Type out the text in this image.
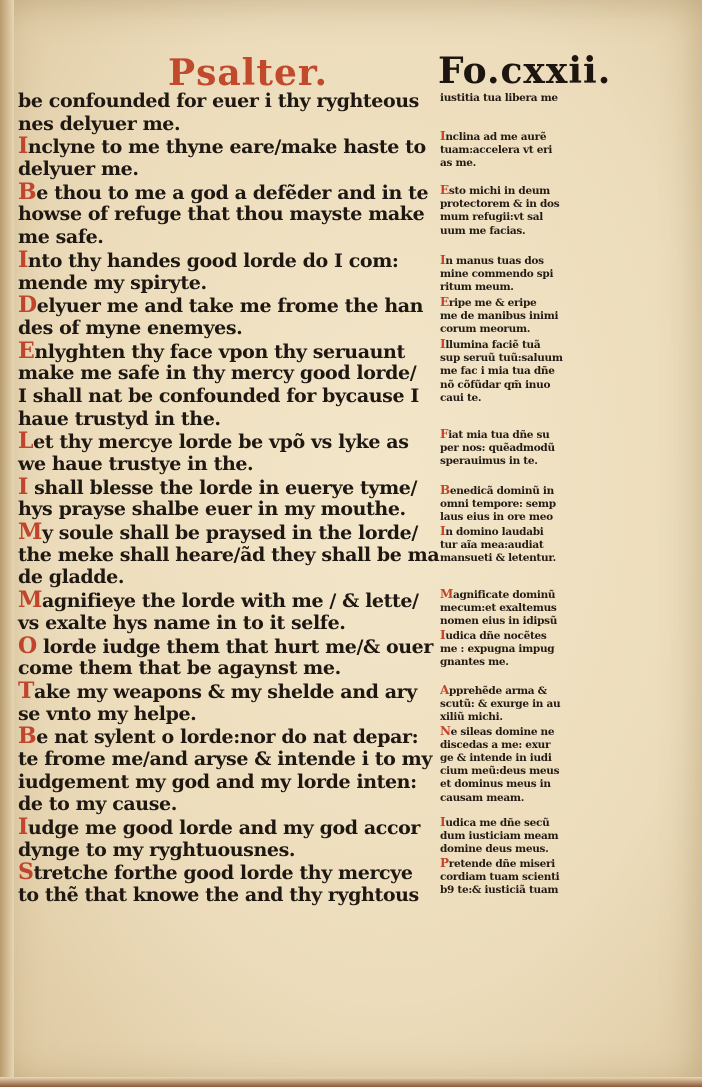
Psalter.	Fo.cxxii.
be confounded for euer i thy ryghteous
nes delyuer me.
Inclyne to me thyne eare/make haste to
delyuer me.
Be thou to me a god a defẽder and in te
howse of refuge that thou mayste make
me safe.
Into thy handes good lorde do I com:
mende my spiryte.
Delyuer me and take me frome the han
des of myne enemyes.
Enlyghten thy face vpon thy seruaunt
make me safe in thy mercy good lorde/
I shall nat be confounded for bycause I
haue trustyd in the.
Let thy mercye lorde be vpõ vs lyke as
we haue trustye in the.
I shall blesse the lorde in euerye tyme/
hys prayse shalbe euer in my mouthe.
My soule shall be praysed in the lorde/
the meke shall heare/ãd they shall be ma
de gladde.
Magnifieye the lorde with me / & lette/
vs exalte hys name in to it selfe.
O lorde iudge them that hurt me/& ouer
come them that be agaynst me.
Take my weapons & my shelde and ary
se vnto my helpe.
Be nat sylent o lorde:nor do nat depar:
te frome me/and aryse & intende i to my
iudgement my god and my lorde inten:
de to my cause.
Iudge me good lorde and my god accor
dynge to my ryghtuousnes.
Stretche forthe good lorde thy mercye
to thẽ that knowe the and thy ryghtous
iustitia tua libera me
Inclina ad me aurẽ
tuam:accelera vt eri
as me.
Esto michi in deum
protectorem & in dos
mum refugii:vt sal
uum me facias.
In manus tuas dos
mine commendo spi
ritum meum.
Eripe me & eripe
me de manibus inimi
corum meorum.
Illumina faciẽ tuã
sup seruũ tuũ:saluum
me fac i mia tua dñe
nõ cõfũdar qm̃ inuo
caui te.
Fiat mia tua dñe su
per nos: quẽadmodũ
sperauimus in te.
Benedicã dominũ in
omni tempore: semp
laus eius in ore meo
In domino laudabi
tur aĩa mea:audiat
mansueti & letentur.
Magnificate dominũ
mecum:et exaltemus
nomen eius in idipsũ
Iudica dñe nocẽtes
me : expugna impug
gnantes me.
Apprehẽde arma &
scutũ: & exurge in au
xiliũ michi.
Ne sileas domine ne
discedas a me: exur
ge & intende in iudi
cium meũ:deus meus
et dominus meus in
causam meam.
Iudica me dñe secũ
dum iusticiam meam
domine deus meus.
Pretende dñe miseri
cordiam tuam scienti
b9 te:& iusticiã tuam
